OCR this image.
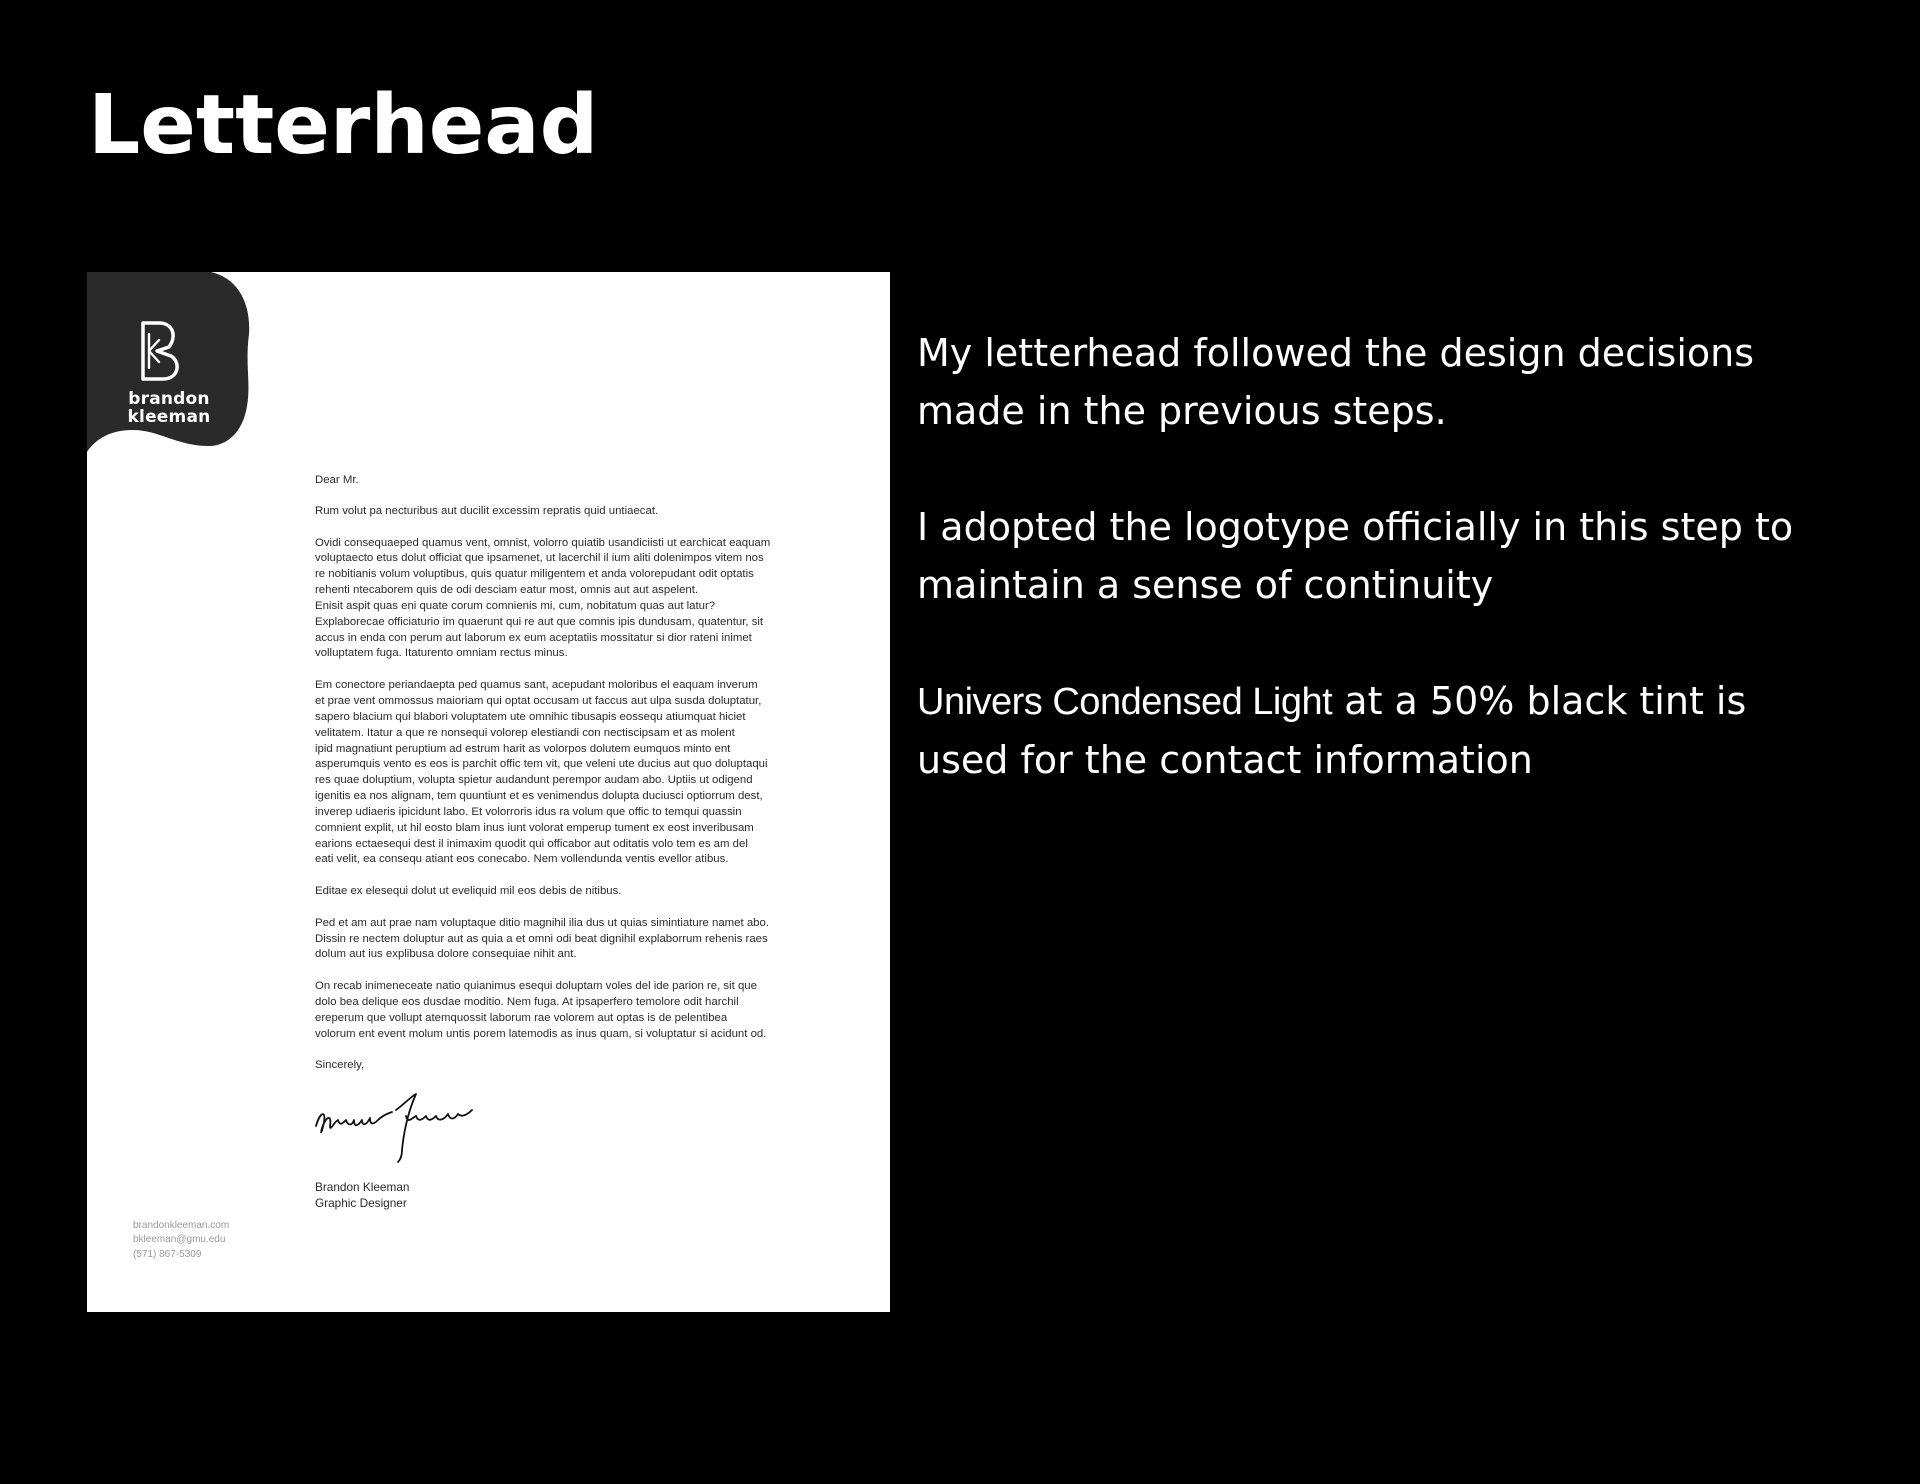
Letterhead
brandon
kleeman

Dear Mr.

Rum volut pa necturibus aut ducilit excessim repratis quid untiaecat.

Ovidi consequaeped quamus vent, omnist, volorro quiatib usandiciisti ut earchicat eaquam
voluptaecto etus dolut officiat que ipsamenet, ut lacerchil il ium aliti dolenimpos vitem nos
re nobitianis volum voluptibus, quis quatur miligentem et anda volorepudant odit optatis
rehenti ntecaborem quis de odi desciam eatur most, omnis aut aut aspelent.
Enisit aspit quas eni quate corum comnienis mi, cum, nobitatum quas aut latur?
Explaborecae officiaturio im quaerunt qui re aut que comnis ipis dundusam, quatentur, sit
accus in enda con perum aut laborum ex eum aceptatiis mossitatur si dior rateni inimet
volluptatem fuga. Itaturento omniam rectus minus.

Em conectore periandaepta ped quamus sant, acepudant moloribus el eaquam inverum
et prae vent ommossus maioriam qui optat occusam ut faccus aut ulpa susda doluptatur,
sapero blacium qui blabori voluptatem ute omnihic tibusapis eossequ atiumquat hiciet
velitatem. Itatur a que re nonsequi volorep elestiandi con nectiscipsam et as molent
ipid magnatiunt peruptium ad estrum harit as volorpos dolutem eumquos minto ent
asperumquis vento es eos is parchit offic tem vit, que veleni ute ducius aut quo doluptaqui
res quae doluptium, volupta spietur audandunt perempor audam abo. Uptiis ut odigend
igenitis ea nos alignam, tem quuntiunt et es venimendus dolupta duciusci optiorrum dest,
inverep udiaeris ipicidunt labo. Et volorroris idus ra volum que offic to temqui quassin
comnient explit, ut hil eosto blam inus iunt volorat emperup tument ex eost inveribusam
earions ectaesequi dest il inimaxim quodit qui officabor aut oditatis volo tem es am del
eati velit, ea consequ atiant eos conecabo. Nem vollendunda ventis evellor atibus.

Editae ex elesequi dolut ut eveliquid mil eos debis de nitibus.

Ped et am aut prae nam voluptaque ditio magnihil ilia dus ut quias simintiature namet abo.
Dissin re nectem doluptur aut as quia a et omni odi beat dignihil explaborrum rehenis raes
dolum aut ius explibusa dolore consequiae nihit ant.

On recab inimeneceate natio quianimus esequi doluptam voles del ide parion re, sit que
dolo bea delique eos dusdae moditio. Nem fuga. At ipsaperfero temolore odit harchil
ereperum que vollupt atemquossit laborum rae volorem aut optas is de pelentibea
volorum ent event molum untis porem latemodis as inus quam, si voluptatur si acidunt od.

Sincerely,

Brandon Kleeman
Graphic Designer
brandonkleeman.com
bkleeman@gmu.edu
(571) 867-5309

My letterhead followed the design decisions made in the previous steps.

I adopted the logotype officially in this step to maintain a sense of continuity

Univers Condensed Light at a 50% black tint is used for the contact information
